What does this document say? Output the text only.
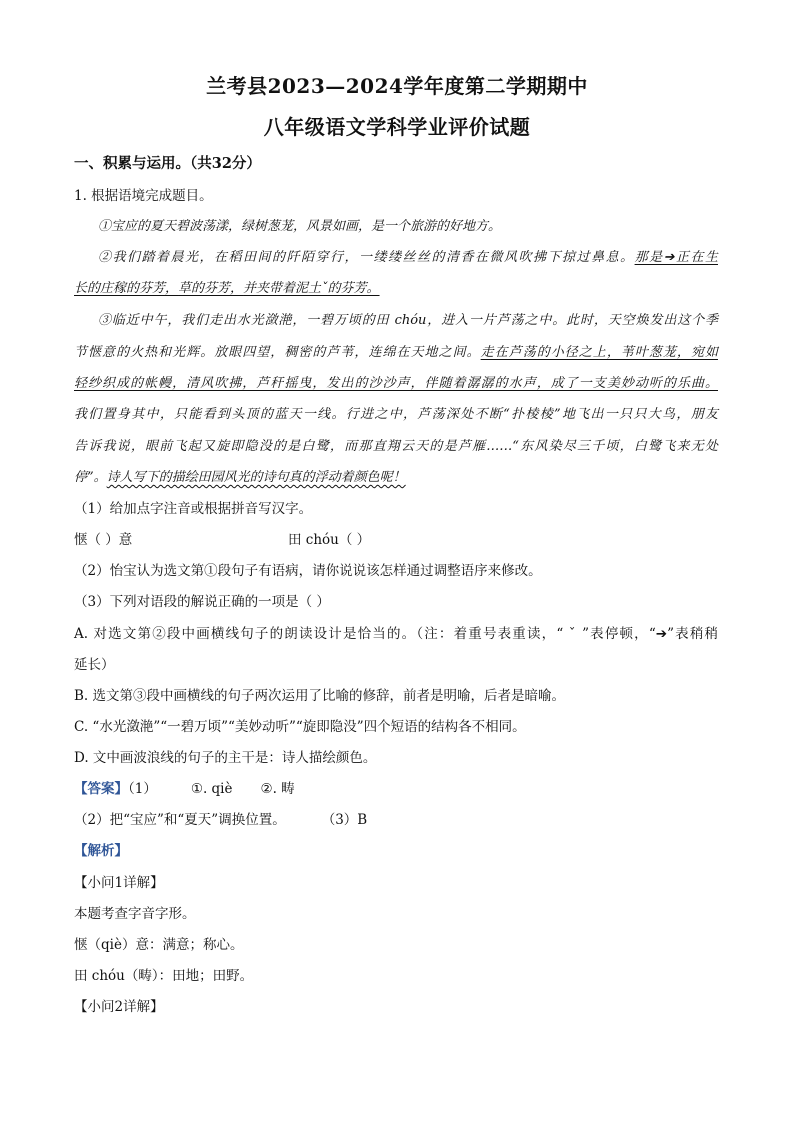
兰考县2023—2024学年度第二学期期中
八年级语文学科学业评价试题
一、积累与运用。（共32分）
1. 根据语境完成题目。
①宝应的夏天碧波荡漾，绿树葱茏，风景如画，是一个旅游的好地方。
②我们踏着晨光，在稻田间的阡陌穿行，一缕缕丝丝的清香在微风吹拂下掠过鼻息。那是➔正在生
长的庄稼的芬芳，草的芬芳，并夹带着泥土ˇ的芬芳。
③临近中午，我们走出水光潋滟，一碧万顷的田 chóu，进入一片芦荡之中。此时，天空焕发出这个季
节惬意的火热和光辉。放眼四望，稠密的芦苇，连绵在天地之间。走在芦荡的小径之上，苇叶葱茏，宛如
轻纱织成的帐幔，清风吹拂，芦秆摇曳，发出的沙沙声，伴随着潺潺的水声，成了一支美妙动听的乐曲。
我们置身其中，只能看到头顶的蓝天一线。行进之中，芦荡深处不断“扑棱棱”地飞出一只只大鸟，朋友
告诉我说，眼前飞起又旋即隐没的是白鹭，而那直翔云天的是芦雁……“东风染尽三千顷，白鹭飞来无处
停”。诗人写下的描绘田园风光的诗句真的浮动着颜色呢！
（1）给加点字注音或根据拼音写汉字。
惬（ ）意	田 chóu（ ）
（2）怡宝认为选文第①段句子有语病，请你说说该怎样通过调整语序来修改。
（3）下列对语段的解说正确的一项是（ ）
A. 对选文第②段中画横线句子的朗读设计是恰当的。（注：着重号表重读，“ ˇ ”表停顿，“➔”表稍稍
延长）
B. 选文第③段中画横线的句子两次运用了比喻的修辞，前者是明喻，后者是暗喻。
C. “水光潋滟”“一碧万顷”“美妙动听”“旋即隐没”四个短语的结构各不相同。
D. 文中画波浪线的句子的主干是：诗人描绘颜色。
【答案】（1）	①. qiè ②. 畴
（2）把“宝应”和“夏天”调换位置。	（3）B
【解析】
【小问1详解】
本题考查字音字形。
惬（qiè）意：满意；称心。
田 chóu（畴）：田地；田野。
【小问2详解】
